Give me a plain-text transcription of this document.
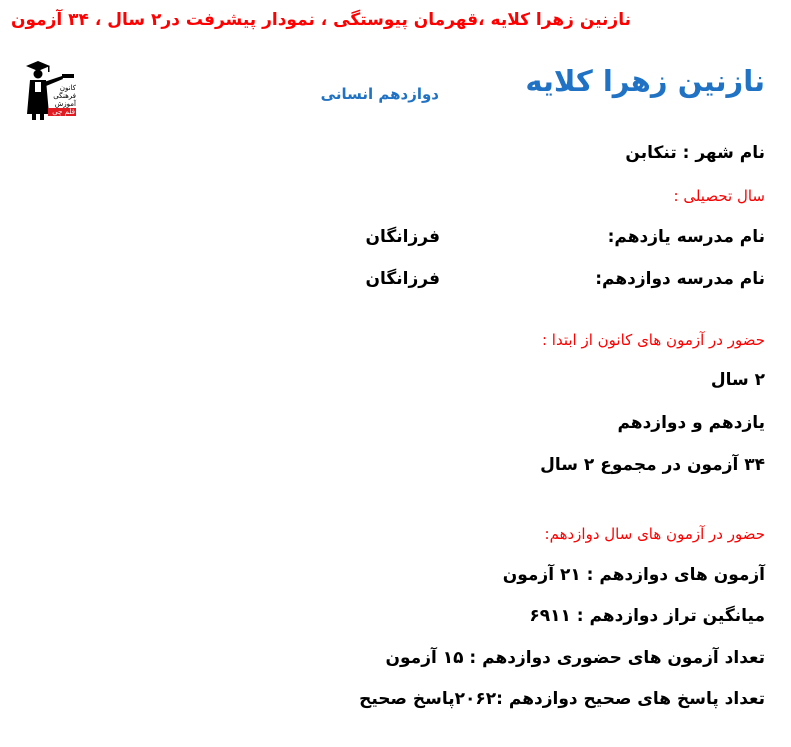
نازنین زهرا کلایه ،قهرمان پیوستگی ، نمودار پیشرفت در۲ سال ، ۳۴ آزمون
نازنین زهرا کلایه
دوازدهم انسانی
کانون
فرهنگی
آموزش
قلم چی
نام شهر : تنکابن
سال تحصیلی :
نام مدرسه یازدهم:
فرزانگان
نام مدرسه دوازدهم:
فرزانگان
حضور در آزمون های کانون از ابتدا :
۲ سال
یازدهم و دوازدهم
۳۴ آزمون در مجموع ۲ سال
حضور در آزمون های سال دوازدهم:
آزمون های دوازدهم : ۲۱ آزمون
میانگین تراز دوازدهم : ۶۹۱۱
تعداد آزمون های حضوری دوازدهم : ۱۵ آزمون
تعداد پاسخ های صحیح دوازدهم :۲۰۶۲پاسخ صحیح
